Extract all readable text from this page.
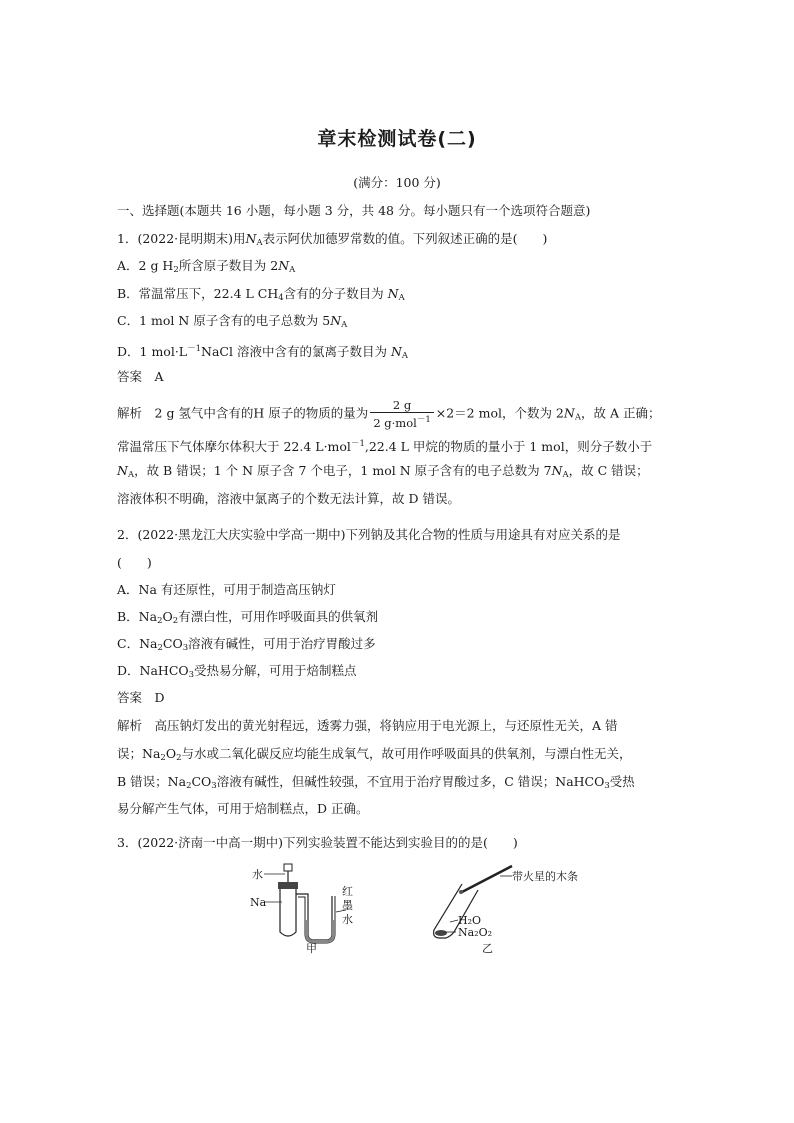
章末检测试卷(二)
(满分：100 分)
一、选择题(本题共 16 小题，每小题 3 分，共 48 分。每小题只有一个选项符合题意)
1．(2022·昆明期末)用$N_A$表示阿伏加德罗常数的值。下列叙述正确的是(　　)
A．2 g $H_2$所含原子数目为 $2N_A$
B．常温常压下，22.4 L $CH_4$含有的分子数目为 $N_A$
C．1 mol N 原子含有的电子总数为 $5N_A$
D．1 $mol\cdot L^{-1}NaCl$ 溶液中含有的氯离子数目为 $N_A$
答案　A
解析　 2 g 氢气中含有的H 原子的物质的量为 $\frac{2 g}{2 g\cdot mol^{-1}} \times 2=2$ mol，个数为 $2N_A$，故 A 正确；
常温常压下气体摩尔体积大于 22.4 L·mol$^{-1}$,22.4 L 甲烷的物质的量小于 1 mol，则分子数小于
$N_A$，故 B 错误；1 个 N 原子含 7 个电子，1 mol N 原子含有的电子总数为 $7N_A$，故 C 错误；
溶液体积不明确，溶液中氯离子的个数无法计算，故 D 错误。
2．(2022·黑龙江大庆实验中学高一期中)下列钠及其化合物的性质与用途具有对应关系的是
(　　)
A．Na 有还原性，可用于制造高压钠灯
B．$Na_2O_2$有漂白性，可用作呼吸面具的供氧剂
C．$Na_2CO_3$溶液有碱性，可用于治疗胃酸过多
D．NaHCO$_3$受热易分解，可用于焙制糕点
答案　D
解析　 高压钠灯发出的黄光射程远，透雾力强，将钠应用于电光源上，与还原性无关，A 错
误；$Na_2O_2$与水或二氧化碳反应均能生成氧气，故可用作呼吸面具的供氧剂，与漂白性无关，
B 错误；$Na_2CO_3$溶液有碱性，但碱性较强，不宜用于治疗胃酸过多，C 错误；NaHCO$_3$受热
易分解产生气体，可用于焙制糕点，D 正确。
3．(2022·济南一中高一期中)下列实验装置不能达到实验目的的是(　　)
水
Na
红
墨
水
甲
带火星的木条
H₂O
Na₂O₂
乙
